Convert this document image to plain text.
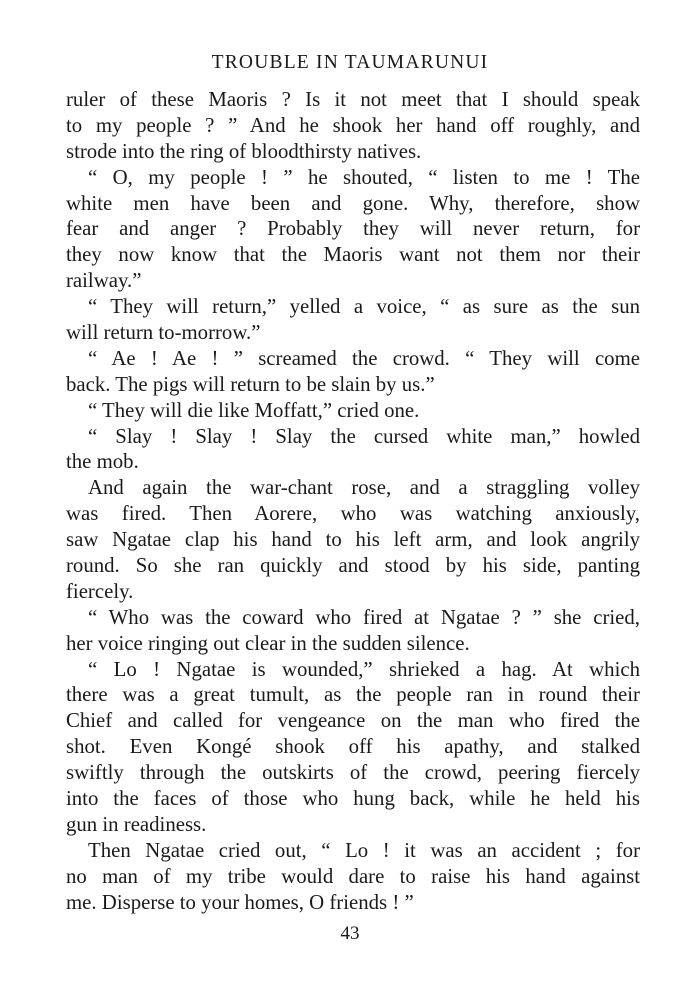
TROUBLE IN TAUMARUNUI
ruler of these Maoris ? Is it not meet that I should speak
to my people ? ” And he shook her hand off roughly, and
strode into the ring of bloodthirsty natives.
“ O, my people ! ” he shouted, “ listen to me ! The
white men have been and gone. Why, therefore, show
fear and anger ? Probably they will never return, for
they now know that the Maoris want not them nor their
railway.”
“ They will return,” yelled a voice, “ as sure as the sun
will return to-morrow.”
“ Ae ! Ae ! ” screamed the crowd. “ They will come
back. The pigs will return to be slain by us.”
“ They will die like Moffatt,” cried one.
“ Slay ! Slay ! Slay the cursed white man,” howled
the mob.
And again the war-chant rose, and a straggling volley
was fired. Then Aorere, who was watching anxiously,
saw Ngatae clap his hand to his left arm, and look angrily
round. So she ran quickly and stood by his side, panting
fiercely.
“ Who was the coward who fired at Ngatae ? ” she cried,
her voice ringing out clear in the sudden silence.
“ Lo ! Ngatae is wounded,” shrieked a hag. At which
there was a great tumult, as the people ran in round their
Chief and called for vengeance on the man who fired the
shot. Even Kongé shook off his apathy, and stalked
swiftly through the outskirts of the crowd, peering fiercely
into the faces of those who hung back, while he held his
gun in readiness.
Then Ngatae cried out, “ Lo ! it was an accident ; for
no man of my tribe would dare to raise his hand against
me. Disperse to your homes, O friends ! ”
43
